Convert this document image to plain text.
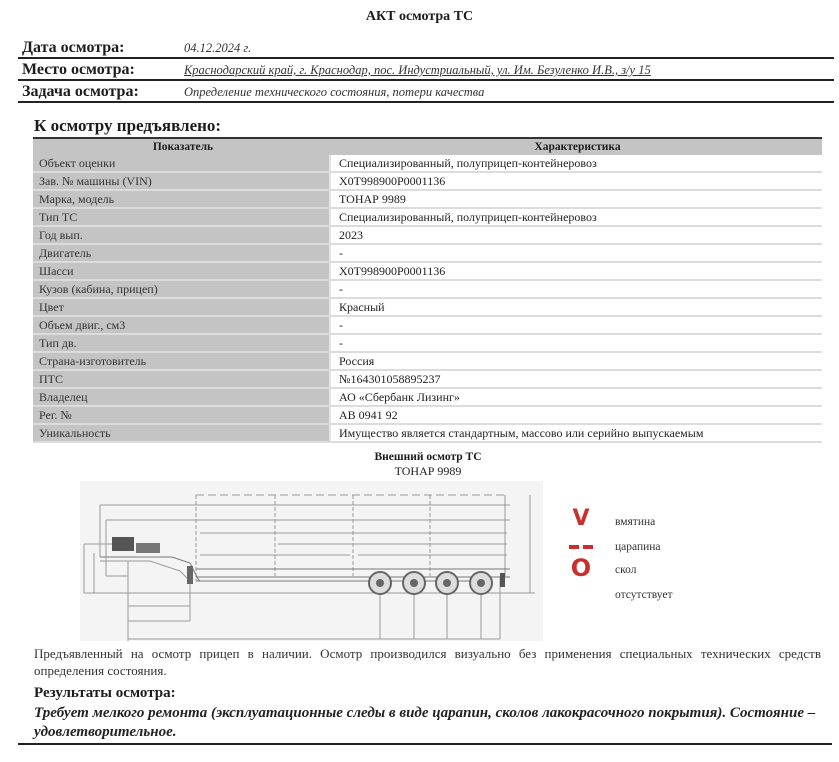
АКТ осмотра ТС
Дата осмотра:	04.12.2024 г.
Место осмотра:	Краснодарский край, г. Краснодар, пос. Индустриальный, ул. Им. Безуленко И.В., з/у 15
Задача осмотра:	Определение технического состояния, потери качества
К осмотру предъявлено:
Показатель	Характеристика
Объект оценки	Специализированный, полуприцеп-контейнеровоз
Зав. № машины (VIN)	X0T998900P0001136
Марка, модель	ТОНАР 9989
Тип ТС	Специализированный, полуприцеп-контейнеровоз
Год вып.	2023
Двигатель	-
Шасси	X0T998900P0001136
Кузов (кабина, прицеп)	-
Цвет	Красный
Объем двиг., см3	-
Тип дв.	-
Страна-изготовитель	Россия
ПТС	№164301058895237
Владелец	АО «Сбербанк Лизинг»
Рег. №	АВ 0941 92
Уникальность	Имущество является стандартным, массово или серийно выпускаемым
Внешний осмотр ТС
ТОНАР 9989
V	вмятина
царапина
O	скол
отсутствует
Предъявленный на осмотр прицеп в наличии. Осмотр производился визуально без применения специальных технических средств определения состояния.
Результаты осмотра:
Требует мелкого ремонта (эксплуатационные следы в виде царапин, сколов лакокрасочного покрытия). Состояние – удовлетворительное.
